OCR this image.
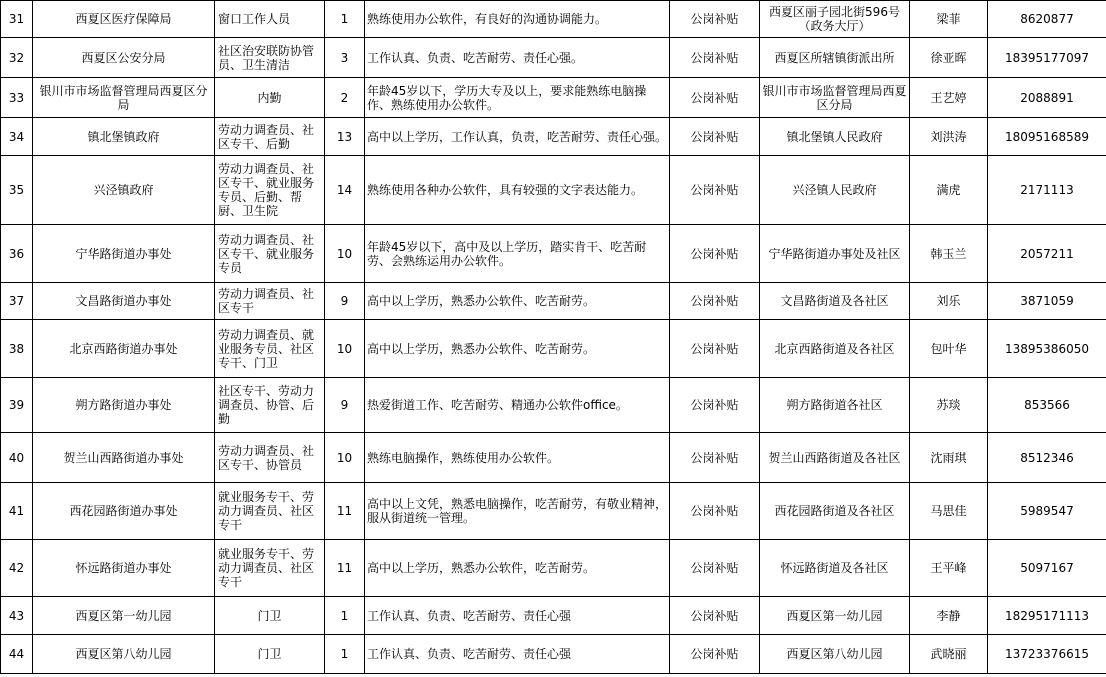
31	西夏区医疗保障局	窗口工作人员	1	熟练使用办公软件，有良好的沟通协调能力。	公岗补贴	西夏区丽子园北街596号（政务大厅）	梁菲	8620877
32	西夏区公安分局	社区治安联防协管员、卫生清洁	3	工作认真、负责、吃苦耐劳、责任心强。	公岗补贴	西夏区所辖镇街派出所	徐亚晖	18395177097
33	银川市市场监督管理局西夏区分局	内勤	2	年龄45岁以下，学历大专及以上，要求能熟练电脑操作、熟练使用办公软件。	公岗补贴	银川市市场监督管理局西夏区分局	王艺婷	2088891
34	镇北堡镇政府	劳动力调查员、社区专干、后勤	13	高中以上学历，工作认真，负责，吃苦耐劳、责任心强。	公岗补贴	镇北堡镇人民政府	刘洪涛	18095168589
35	兴泾镇政府	劳动力调查员、社区专干、就业服务专员、后勤、帮厨、卫生院	14	熟练使用各种办公软件，具有较强的文字表达能力。	公岗补贴	兴泾镇人民政府	满虎	2171113
36	宁华路街道办事处	劳动力调查员、社区专干、就业服务专员	10	年龄45岁以下，高中及以上学历，踏实肯干、吃苦耐劳、会熟练运用办公软件。	公岗补贴	宁华路街道办事处及社区	韩玉兰	2057211
37	文昌路街道办事处	劳动力调查员、社区专干	9	高中以上学历，熟悉办公软件、吃苦耐劳。	公岗补贴	文昌路街道及各社区	刘乐	3871059
38	北京西路街道办事处	劳动力调查员、就业服务专员、社区专干、门卫	10	高中以上学历，熟悉办公软件、吃苦耐劳。	公岗补贴	北京西路街道及各社区	包叶华	13895386050
39	朔方路街道办事处	社区专干、劳动力调查员、协管、后勤	9	热爱街道工作、吃苦耐劳、精通办公软件office。	公岗补贴	朔方路街道各社区	苏琰	853566
40	贺兰山西路街道办事处	劳动力调查员、社区专干、协管员	10	熟练电脑操作，熟练使用办公软件。	公岗补贴	贺兰山西路街道及各社区	沈雨琪	8512346
41	西花园路街道办事处	就业服务专干、劳动力调查员、社区专干	11	高中以上文凭，熟悉电脑操作，吃苦耐劳，有敬业精神，服从街道统一管理。	公岗补贴	西花园路街道及各社区	马思佳	5989547
42	怀远路街道办事处	就业服务专干、劳动力调查员、社区专干	11	高中以上学历，熟悉办公软件，吃苦耐劳。	公岗补贴	怀远路街道及各社区	王平峰	5097167
43	西夏区第一幼儿园	门卫	1	工作认真、负责、吃苦耐劳、责任心强	公岗补贴	西夏区第一幼儿园	李静	18295171113
44	西夏区第八幼儿园	门卫	1	工作认真、负责、吃苦耐劳、责任心强	公岗补贴	西夏区第八幼儿园	武晓丽	13723376615
